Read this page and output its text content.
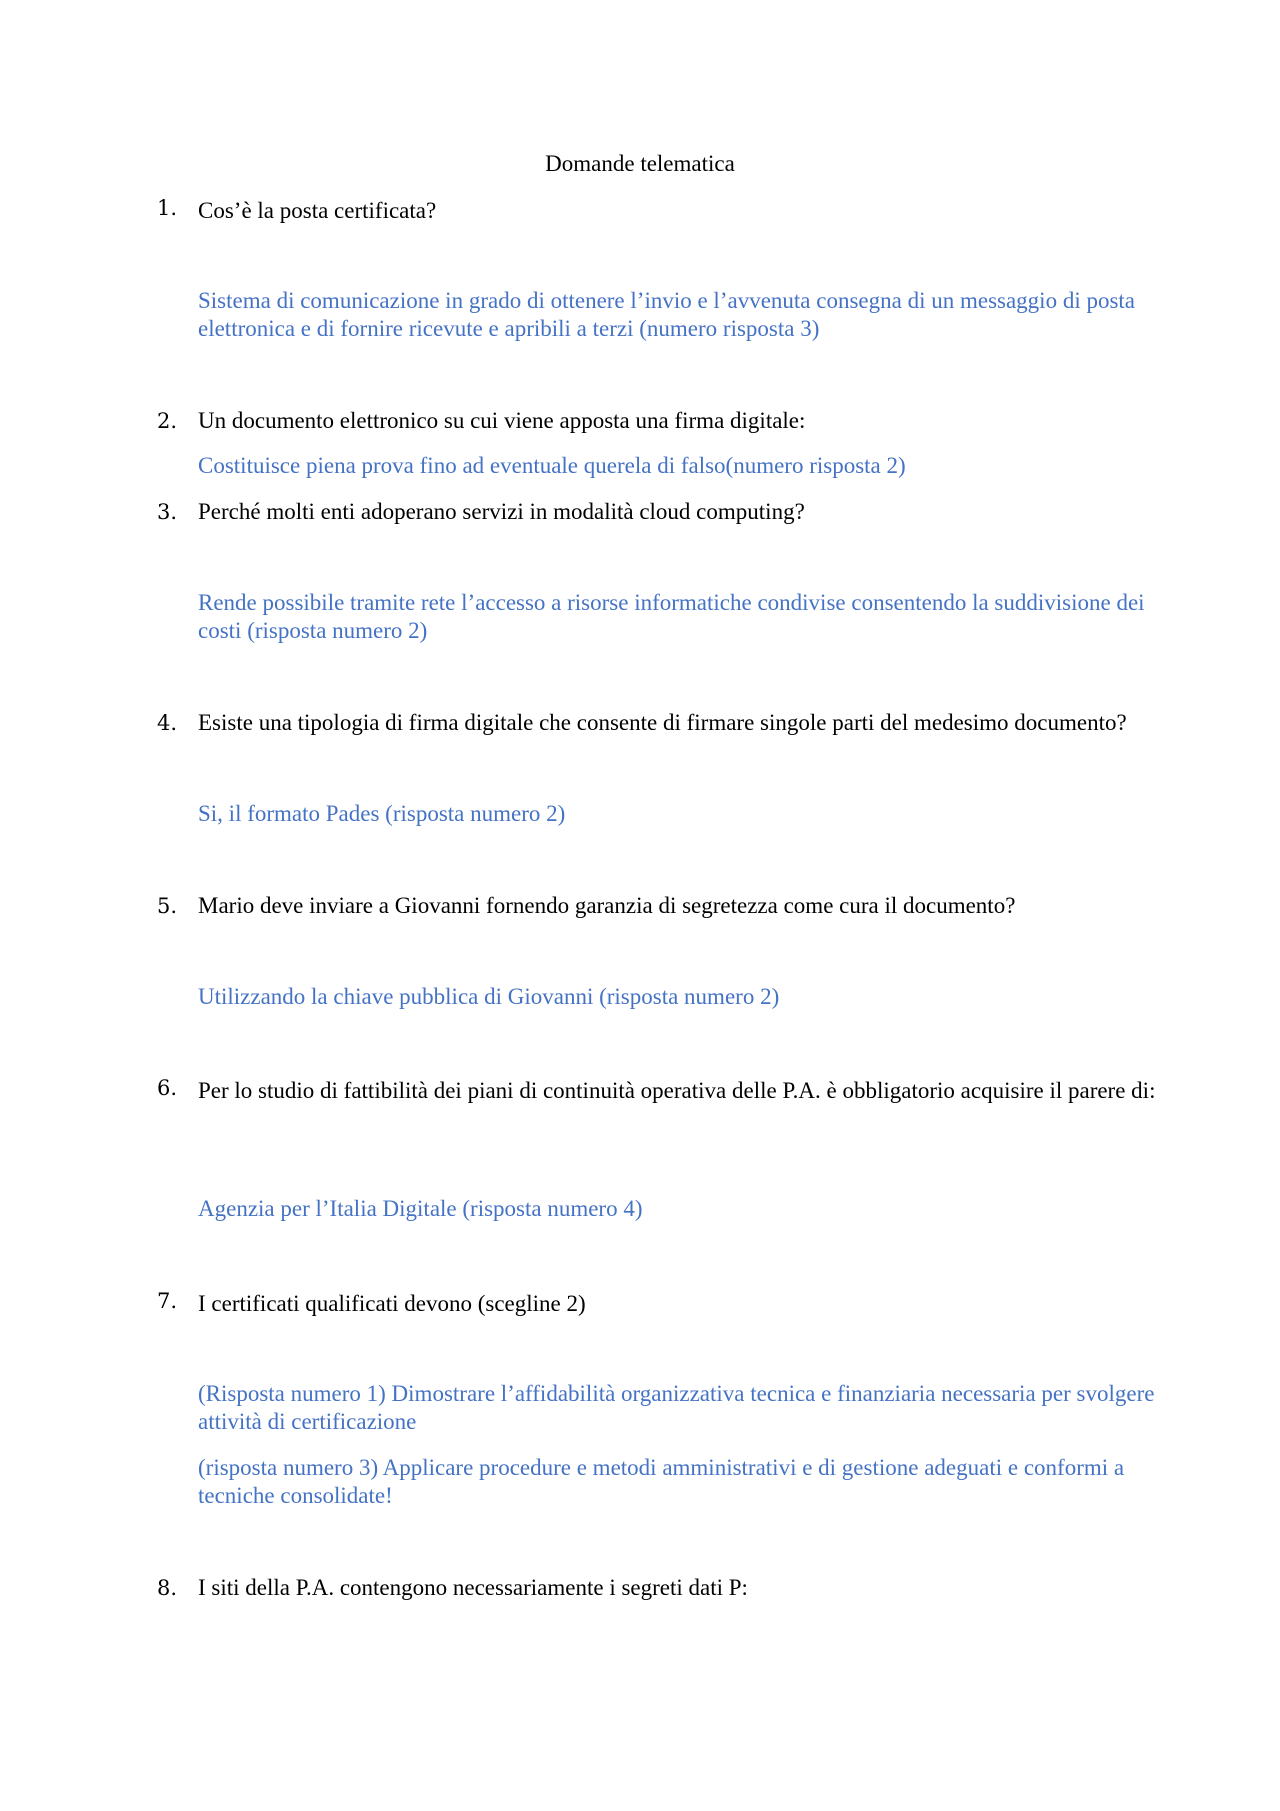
Domande telematica
1. Cos’è la posta certificata?
Sistema di comunicazione in grado di ottenere l’invio e l’avvenuta consegna di un messaggio di posta elettronica e di fornire ricevute e apribili a terzi (numero risposta 3)
2. Un documento elettronico su cui viene apposta una firma digitale:
Costituisce piena prova fino ad eventuale querela di falso(numero risposta 2)
3. Perché molti enti adoperano servizi in modalità cloud computing?
Rende possibile tramite rete l’accesso a risorse informatiche condivise consentendo la suddivisione dei costi (risposta numero 2)
4. Esiste una tipologia di firma digitale che consente di firmare singole parti del medesimo documento?
Si, il formato Pades (risposta numero 2)
5. Mario deve inviare a Giovanni fornendo garanzia di segretezza come cura il documento?
Utilizzando la chiave pubblica di Giovanni (risposta numero 2)
6. Per lo studio di fattibilità dei piani di continuità operativa delle P.A. è obbligatorio acquisire il parere di:
Agenzia per l’Italia Digitale (risposta numero 4)
7. I certificati qualificati devono (scegline 2)
(Risposta numero 1) Dimostrare l’affidabilità organizzativa tecnica e finanziaria necessaria per svolgere attività di certificazione
(risposta numero 3) Applicare procedure e metodi amministrativi e di gestione adeguati e conformi a tecniche consolidate!
8. I siti della P.A. contengono necessariamente i segreti dati P:
